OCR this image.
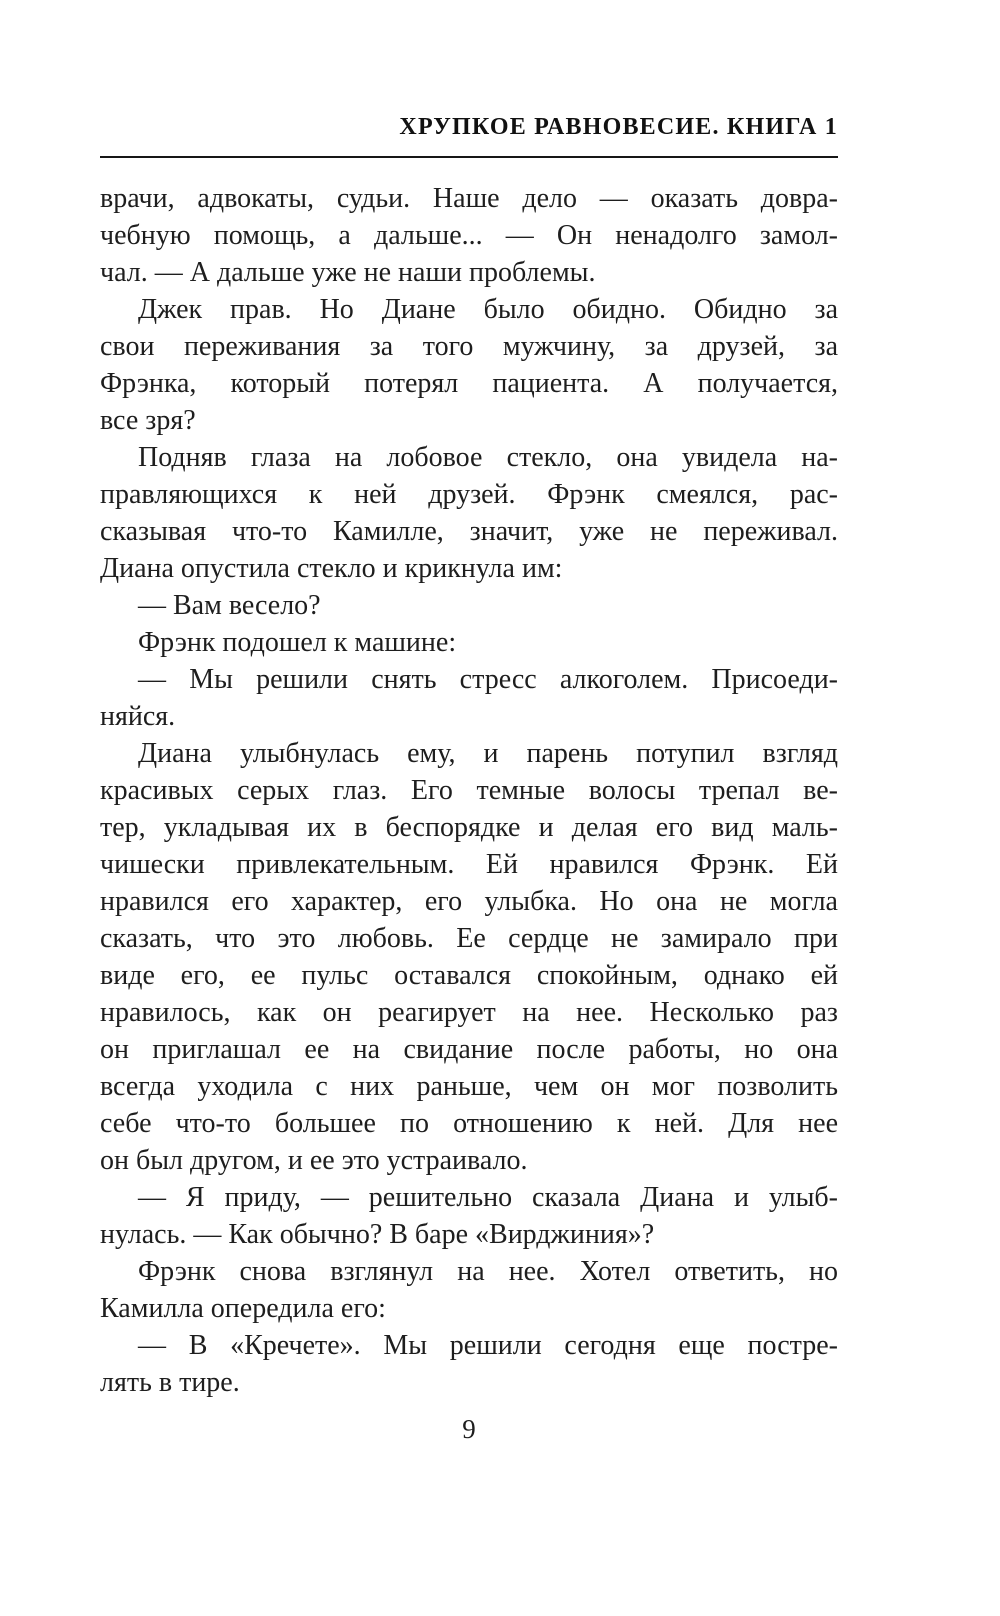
ХРУПКОЕ РАВНОВЕСИЕ. КНИГА 1

врачи, адвокаты, судьи. Наше дело — оказать довра-
чебную помощь, а дальше... — Он ненадолго замол-
чал. — А дальше уже не наши проблемы.

Джек прав. Но Диане было обидно. Обидно за
свои переживания за того мужчину, за друзей, за
Фрэнка, который потерял пациента. А получается,
все зря?

Подняв глаза на лобовое стекло, она увидела на-
правляющихся к ней друзей. Фрэнк смеялся, рас-
сказывая что-то Камилле, значит, уже не переживал.
Диана опустила стекло и крикнула им:

— Вам весело?

Фрэнк подошел к машине:

— Мы решили снять стресс алкоголем. Присоеди-
няйся.

Диана улыбнулась ему, и парень потупил взгляд
красивых серых глаз. Его темные волосы трепал ве-
тер, укладывая их в беспорядке и делая его вид маль-
чишески привлекательным. Ей нравился Фрэнк. Ей
нравился его характер, его улыбка. Но она не могла
сказать, что это любовь. Ее сердце не замирало при
виде его, ее пульс оставался спокойным, однако ей
нравилось, как он реагирует на нее. Несколько раз
он приглашал ее на свидание после работы, но она
всегда уходила с них раньше, чем он мог позволить
себе что-то большее по отношению к ней. Для нее
он был другом, и ее это устраивало.

— Я приду, — решительно сказала Диана и улыб-
нулась. — Как обычно? В баре «Вирджиния»?

Фрэнк снова взглянул на нее. Хотел ответить, но
Камилла опередила его:

— В «Кречете». Мы решили сегодня еще постре-
лять в тире.

9
